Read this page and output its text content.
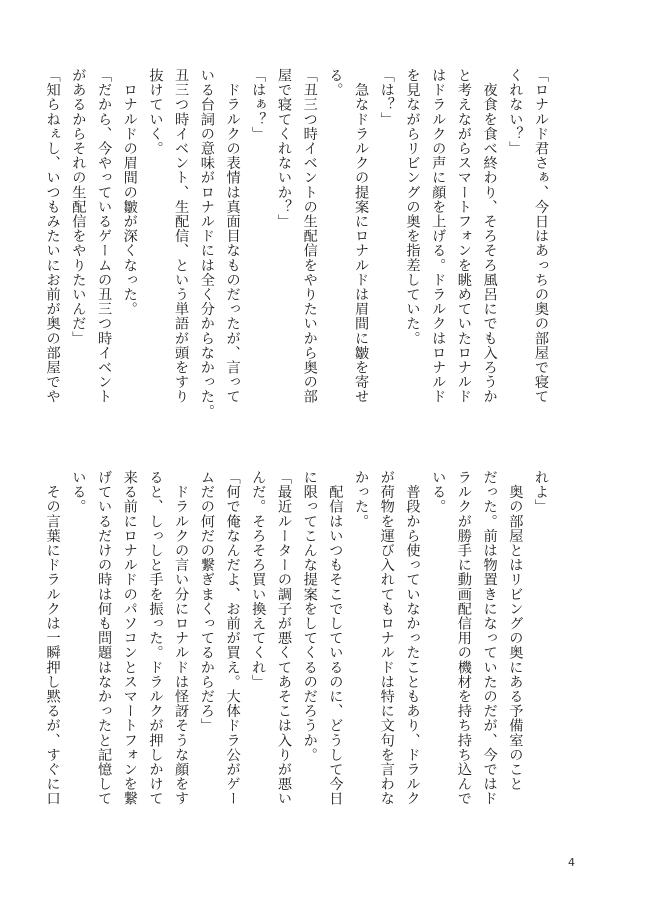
「ロナルド君さぁ、今日はあっちの奥の部屋で寝て
くれない？」
　夜食を食べ終わり、そろそろ風呂にでも入ろうか
と考えながらスマートフォンを眺めていたロナルド
はドラルクの声に顔を上げる。ドラルクはロナルド
を見ながらリビングの奥を指差していた。
「は？」
　急なドラルクの提案にロナルドは眉間に皺を寄せ
る。
「丑三つ時イベントの生配信をやりたいから奥の部
屋で寝てくれないか？」
「はぁ？」
　ドラルクの表情は真面目なものだったが、言って
いる台詞の意味がロナルドには全く分からなかった。
丑三つ時イベント、生配信、という単語が頭をすり
抜けていく。
　ロナルドの眉間の皺が深くなった。
「だから、今やっているゲームの丑三つ時イベント
があるからそれの生配信をやりたいんだ」
「知らねぇし、いつもみたいにお前が奥の部屋でや
れよ」
　奥の部屋とはリビングの奥にある予備室のこと
だった。前は物置きになっていたのだが、今ではド
ラルクが勝手に動画配信用の機材を持ち持ち込んで
いる。
　普段から使っていなかったこともあり、ドラルク
が荷物を運び入れてもロナルドは特に文句を言わな
かった。
　配信はいつもそこでしているのに、どうして今日
に限ってこんな提案をしてくるのだろうか。
「最近ルーターの調子が悪くてあそこは入りが悪い
んだ。そろそろ買い換えてくれ」
「何で俺なんだよ、お前が買え。大体ドラ公がゲー
ムだの何だの繋ぎまくってるからだろ」
　ドラルクの言い分にロナルドは怪訝そうな顔をす
ると、しっしと手を振った。ドラルクが押しかけて
来る前にロナルドのパソコンとスマートフォンを繋
げているだけの時は何も問題はなかったと記憶して
いる。
　その言葉にドラルクは一瞬押し黙るが、すぐに口
4
